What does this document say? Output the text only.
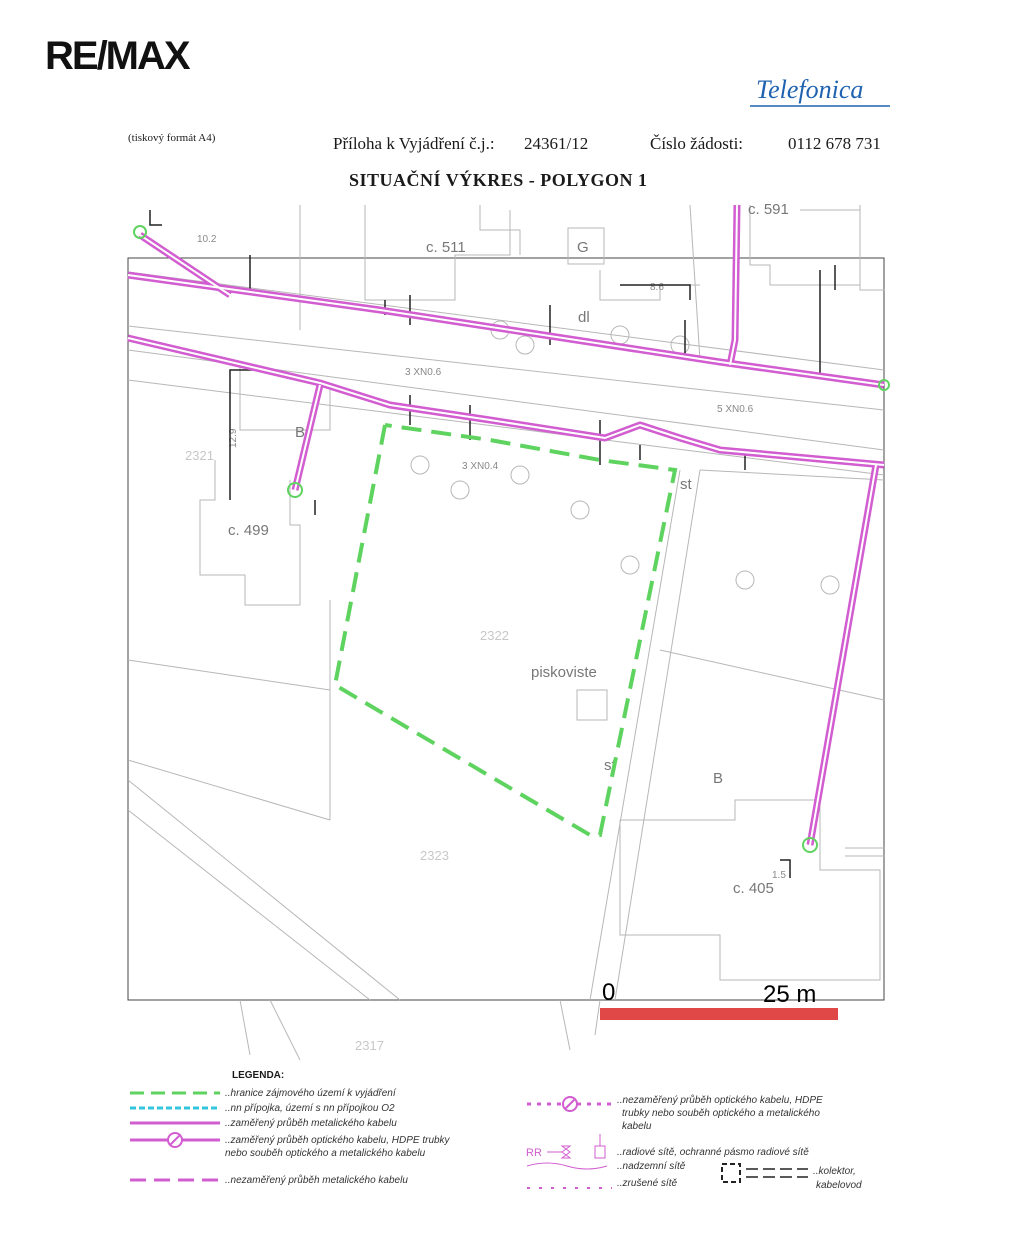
RE/MAX
Telefonica
(tiskový formát A4)	Příloha k Vyjádření č.j.: 24361/12	Číslo žádosti:	0112 678 731
SITUAČNÍ VÝKRES - POLYGON 1
2322
2323
2321
2317
c. 511
c. 591
c. 499
c. 405
G
dl
B
B
st
st
piskoviste
3 XN0.4
5 XN0.6
3 XN0.6
10.2
12.9
8.6
1.5
0	25 m
LEGENDA:
..hranice zájmového území k vyjádření
..nn přípojka, území s nn přípojkou O2
..zaměřený průběh metalického kabelu
..zaměřený průběh optického kabelu, HDPE trubky
nebo souběh optického a metalického kabelu
..nezaměřený průběh metalického kabelu
RR
..nezaměřený průběh optického kabelu, HDPE
trubky nebo souběh optického a metalického
kabelu
..radiové sítě, ochranné pásmo radiové sítě
..nadzemní sítě
..zrušené sítě
..kolektor,
kabelovod
